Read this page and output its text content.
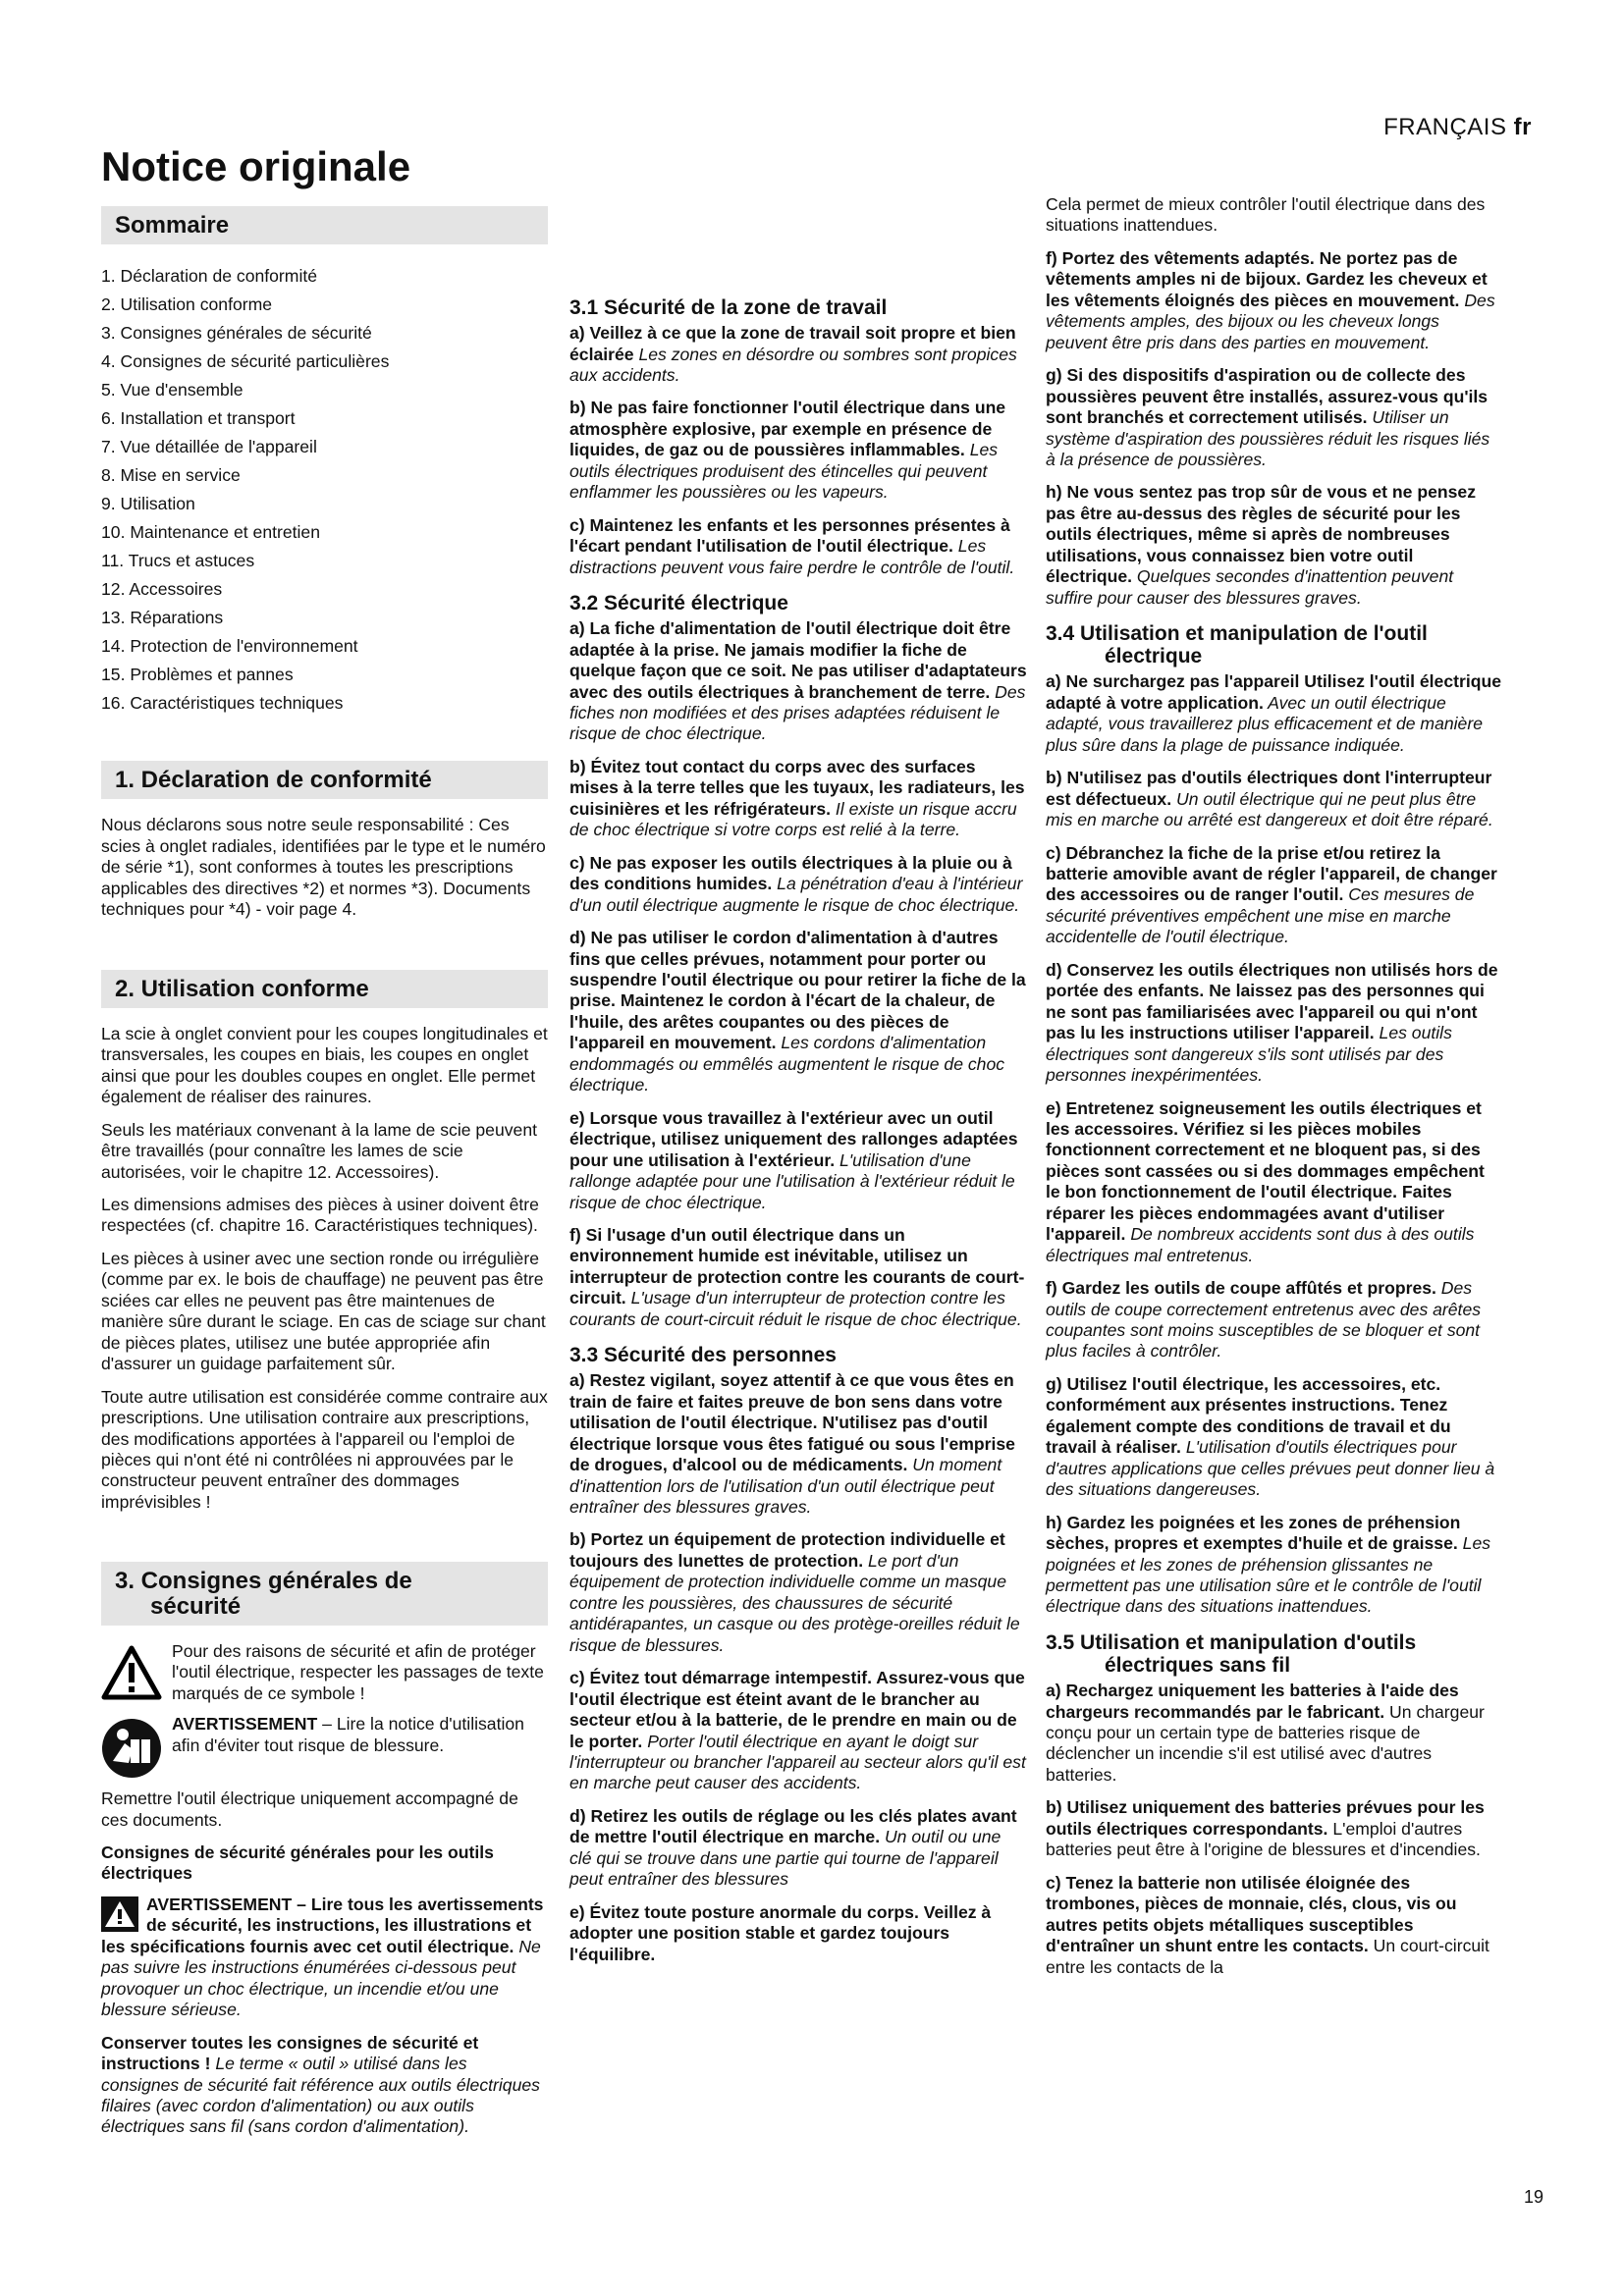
FRANÇAIS fr
Notice originale
Sommaire
1. Déclaration de conformité
2. Utilisation conforme
3. Consignes générales de sécurité
4. Consignes de sécurité particulières
5. Vue d'ensemble
6. Installation et transport
7. Vue détaillée de l'appareil
8. Mise en service
9. Utilisation
10. Maintenance et entretien
11. Trucs et astuces
12. Accessoires
13. Réparations
14. Protection de l'environnement
15. Problèmes et pannes
16. Caractéristiques techniques
1. Déclaration de conformité

Nous déclarons sous notre seule responsabilité : Ces scies à onglet radiales, identifiées par le type et le numéro de série *1), sont conformes à toutes les prescriptions applicables des directives *2) et normes *3). Documents techniques pour *4) - voir page 4.

2. Utilisation conforme

La scie à onglet convient pour les coupes longitudinales et transversales, les coupes en biais, les coupes en onglet ainsi que pour les doubles coupes en onglet. Elle permet également de réaliser des rainures.

Seuls les matériaux convenant à la lame de scie peuvent être travaillés (pour connaître les lames de scie autorisées, voir le chapitre 12. Accessoires).

Les dimensions admises des pièces à usiner doivent être respectées (cf. chapitre 16. Caractéristiques techniques).

Les pièces à usiner avec une section ronde ou irrégulière (comme par ex. le bois de chauffage) ne peuvent pas être sciées car elles ne peuvent pas être maintenues de manière sûre durant le sciage. En cas de sciage sur chant de pièces plates, utilisez une butée appropriée afin d'assurer un guidage parfaitement sûr.

Toute autre utilisation est considérée comme contraire aux prescriptions. Une utilisation contraire aux prescriptions, des modifications apportées à l'appareil ou l'emploi de pièces qui n'ont été ni contrôlées ni approuvées par le constructeur peuvent entraîner des dommages imprévisibles !

3. Consignes générales de
sécurité

Pour des raisons de sécurité et afin de protéger l'outil électrique, respecter les passages de texte marqués de ce symbole !

AVERTISSEMENT – Lire la notice d'utilisation afin d'éviter tout risque de blessure.

Remettre l'outil électrique uniquement accompagné de ces documents.

Consignes de sécurité générales pour les outils électriques

AVERTISSEMENT – Lire tous les avertissements de sécurité, les instructions, les illustrations et les spécifications fournis avec cet outil électrique. Ne pas suivre les instructions énumérées ci-dessous peut provoquer un choc électrique, un incendie et/ou une blessure sérieuse.

Conserver toutes les consignes de sécurité et instructions ! Le terme « outil » utilisé dans les consignes de sécurité fait référence aux outils électriques filaires (avec cordon d'alimentation) ou aux outils électriques sans fil (sans cordon d'alimentation).

3.1 Sécurité de la zone de travail

a) Veillez à ce que la zone de travail soit propre et bien éclairée Les zones en désordre ou sombres sont propices aux accidents.

b) Ne pas faire fonctionner l'outil électrique dans une atmosphère explosive, par exemple en présence de liquides, de gaz ou de poussières inflammables. Les outils électriques produisent des étincelles qui peuvent enflammer les poussières ou les vapeurs.

c) Maintenez les enfants et les personnes présentes à l'écart pendant l'utilisation de l'outil électrique. Les distractions peuvent vous faire perdre le contrôle de l'outil.

3.2 Sécurité électrique

a) La fiche d'alimentation de l'outil électrique doit être adaptée à la prise. Ne jamais modifier la fiche de quelque façon que ce soit. Ne pas utiliser d'adaptateurs avec des outils électriques à branchement de terre. Des fiches non modifiées et des prises adaptées réduisent le risque de choc électrique.

b) Évitez tout contact du corps avec des surfaces mises à la terre telles que les tuyaux, les radiateurs, les cuisinières et les réfrigérateurs. Il existe un risque accru de choc électrique si votre corps est relié à la terre.

c) Ne pas exposer les outils électriques à la pluie ou à des conditions humides. La pénétration d'eau à l'intérieur d'un outil électrique augmente le risque de choc électrique.

d) Ne pas utiliser le cordon d'alimentation à d'autres fins que celles prévues, notamment pour porter ou suspendre l'outil électrique ou pour retirer la fiche de la prise. Maintenez le cordon à l'écart de la chaleur, de l'huile, des arêtes coupantes ou des pièces de l'appareil en mouvement. Les cordons d'alimentation endommagés ou emmêlés augmentent le risque de choc électrique.

e) Lorsque vous travaillez à l'extérieur avec un outil électrique, utilisez uniquement des rallonges adaptées pour une utilisation à l'extérieur. L'utilisation d'une rallonge adaptée pour une l'utilisation à l'extérieur réduit le risque de choc électrique.

f) Si l'usage d'un outil électrique dans un environnement humide est inévitable, utilisez un interrupteur de protection contre les courants de court-circuit. L'usage d'un interrupteur de protection contre les courants de court-circuit réduit le risque de choc électrique.

3.3 Sécurité des personnes

a) Restez vigilant, soyez attentif à ce que vous êtes en train de faire et faites preuve de bon sens dans votre utilisation de l'outil électrique. N'utilisez pas d'outil électrique lorsque vous êtes fatigué ou sous l'emprise de drogues, d'alcool ou de médicaments. Un moment d'inattention lors de l'utilisation d'un outil électrique peut entraîner des blessures graves.

b) Portez un équipement de protection individuelle et toujours des lunettes de protection. Le port d'un équipement de protection individuelle comme un masque contre les poussières, des chaussures de sécurité antidérapantes, un casque ou des protège-oreilles réduit le risque de blessures.

c) Évitez tout démarrage intempestif. Assurez-vous que l'outil électrique est éteint avant de le brancher au secteur et/ou à la batterie, de le prendre en main ou de le porter. Porter l'outil électrique en ayant le doigt sur l'interrupteur ou brancher l'appareil au secteur alors qu'il est en marche peut causer des accidents.

d) Retirez les outils de réglage ou les clés plates avant de mettre l'outil électrique en marche. Un outil ou une clé qui se trouve dans une partie qui tourne de l'appareil peut entraîner des blessures

e) Évitez toute posture anormale du corps. Veillez à adopter une position stable et gardez toujours l'équilibre.

Cela permet de mieux contrôler l'outil électrique dans des situations inattendues.

f) Portez des vêtements adaptés. Ne portez pas de vêtements amples ni de bijoux. Gardez les cheveux et les vêtements éloignés des pièces en mouvement. Des vêtements amples, des bijoux ou les cheveux longs peuvent être pris dans des parties en mouvement.

g) Si des dispositifs d'aspiration ou de collecte des poussières peuvent être installés, assurez-vous qu'ils sont branchés et correctement utilisés. Utiliser un système d'aspiration des poussières réduit les risques liés à la présence de poussières.

h) Ne vous sentez pas trop sûr de vous et ne pensez pas être au-dessus des règles de sécurité pour les outils électriques, même si après de nombreuses utilisations, vous connaissez bien votre outil électrique. Quelques secondes d'inattention peuvent suffire pour causer des blessures graves.

3.4 Utilisation et manipulation de l'outil
électrique

a) Ne surchargez pas l'appareil Utilisez l'outil électrique adapté à votre application. Avec un outil électrique adapté, vous travaillerez plus efficacement et de manière plus sûre dans la plage de puissance indiquée.

b) N'utilisez pas d'outils électriques dont l'interrupteur est défectueux. Un outil électrique qui ne peut plus être mis en marche ou arrêté est dangereux et doit être réparé.

c) Débranchez la fiche de la prise et/ou retirez la batterie amovible avant de régler l'appareil, de changer des accessoires ou de ranger l'outil. Ces mesures de sécurité préventives empêchent une mise en marche accidentelle de l'outil électrique.

d) Conservez les outils électriques non utilisés hors de portée des enfants. Ne laissez pas des personnes qui ne sont pas familiarisées avec l'appareil ou qui n'ont pas lu les instructions utiliser l'appareil. Les outils électriques sont dangereux s'ils sont utilisés par des personnes inexpérimentées.

e) Entretenez soigneusement les outils électriques et les accessoires. Vérifiez si les pièces mobiles fonctionnent correctement et ne bloquent pas, si des pièces sont cassées ou si des dommages empêchent le bon fonctionnement de l'outil électrique. Faites réparer les pièces endommagées avant d'utiliser l'appareil. De nombreux accidents sont dus à des outils électriques mal entretenus.

f) Gardez les outils de coupe affûtés et propres. Des outils de coupe correctement entretenus avec des arêtes coupantes sont moins susceptibles de se bloquer et sont plus faciles à contrôler.

g) Utilisez l'outil électrique, les accessoires, etc. conformément aux présentes instructions. Tenez également compte des conditions de travail et du travail à réaliser. L'utilisation d'outils électriques pour d'autres applications que celles prévues peut donner lieu à des situations dangereuses.

h) Gardez les poignées et les zones de préhension sèches, propres et exemptes d'huile et de graisse. Les poignées et les zones de préhension glissantes ne permettent pas une utilisation sûre et le contrôle de l'outil électrique dans des situations inattendues.

3.5 Utilisation et manipulation d'outils
électriques sans fil

a) Rechargez uniquement les batteries à l'aide des chargeurs recommandés par le fabricant. Un chargeur conçu pour un certain type de batteries risque de déclencher un incendie s'il est utilisé avec d'autres batteries.

b) Utilisez uniquement des batteries prévues pour les outils électriques correspondants. L'emploi d'autres batteries peut être à l'origine de blessures et d'incendies.

c) Tenez la batterie non utilisée éloignée des trombones, pièces de monnaie, clés, clous, vis ou autres petits objets métalliques susceptibles d'entraîner un shunt entre les contacts. Un court-circuit entre les contacts de la

19
